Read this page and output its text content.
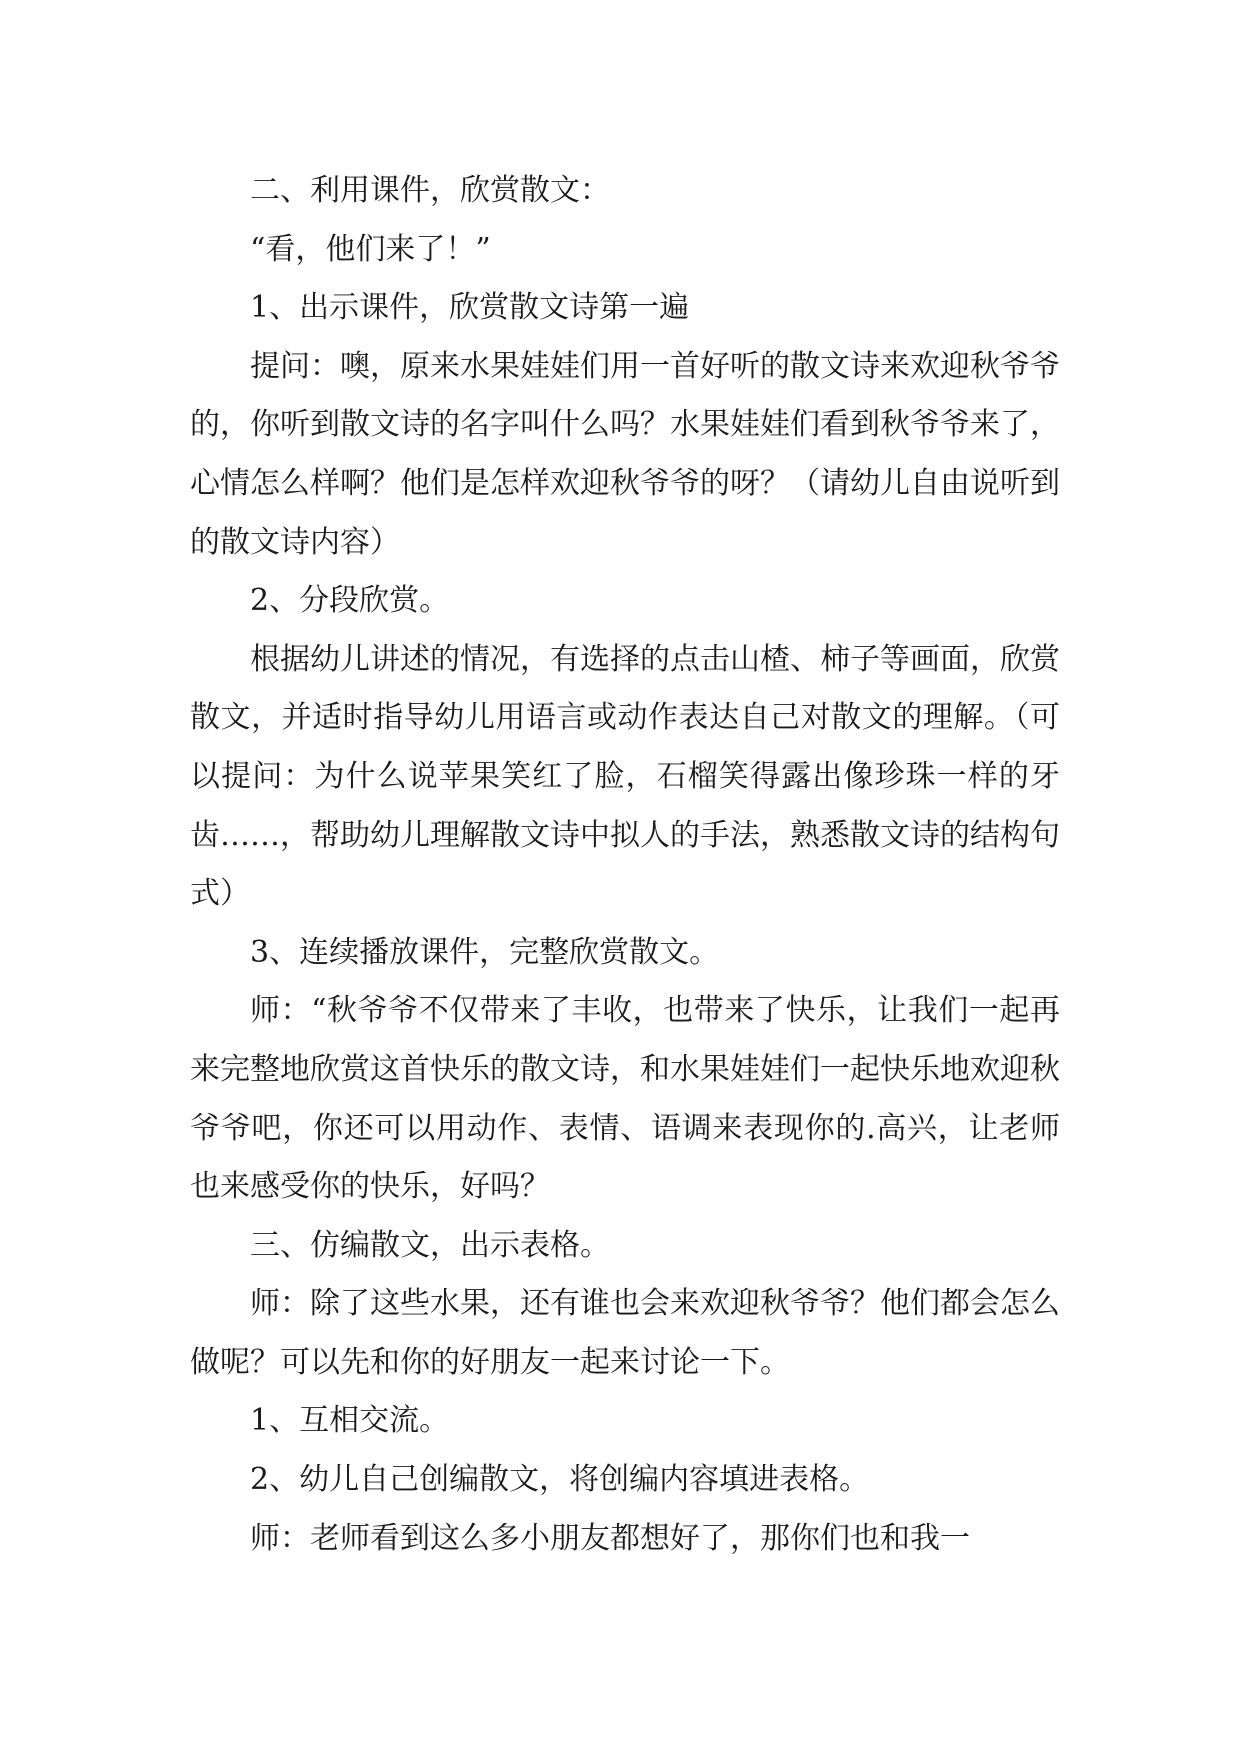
二、利用课件，欣赏散文：

“看，他们来了！”

1、出示课件，欣赏散文诗第一遍

提问：噢，原来水果娃娃们用一首好听的散文诗来欢迎秋爷爷的，你听到散文诗的名字叫什么吗？水果娃娃们看到秋爷爷来了，心情怎么样啊？他们是怎样欢迎秋爷爷的呀？（请幼儿自由说听到的散文诗内容）

2、分段欣赏。

根据幼儿讲述的情况，有选择的点击山楂、柿子等画面，欣赏散文，并适时指导幼儿用语言或动作表达自己对散文的理解。（可以提问：为什么说苹果笑红了脸，石榴笑得露出像珍珠一样的牙齿……，帮助幼儿理解散文诗中拟人的手法，熟悉散文诗的结构句式）

3、连续播放课件，完整欣赏散文。

师：“秋爷爷不仅带来了丰收，也带来了快乐，让我们一起再来完整地欣赏这首快乐的散文诗，和水果娃娃们一起快乐地欢迎秋爷爷吧，你还可以用动作、表情、语调来表现你的.高兴，让老师也来感受你的快乐，好吗？

三、仿编散文，出示表格。

师：除了这些水果，还有谁也会来欢迎秋爷爷？他们都会怎么做呢？可以先和你的好朋友一起来讨论一下。

1、互相交流。

2、幼儿自己创编散文，将创编内容填进表格。

师：老师看到这么多小朋友都想好了，那你们也和我一
